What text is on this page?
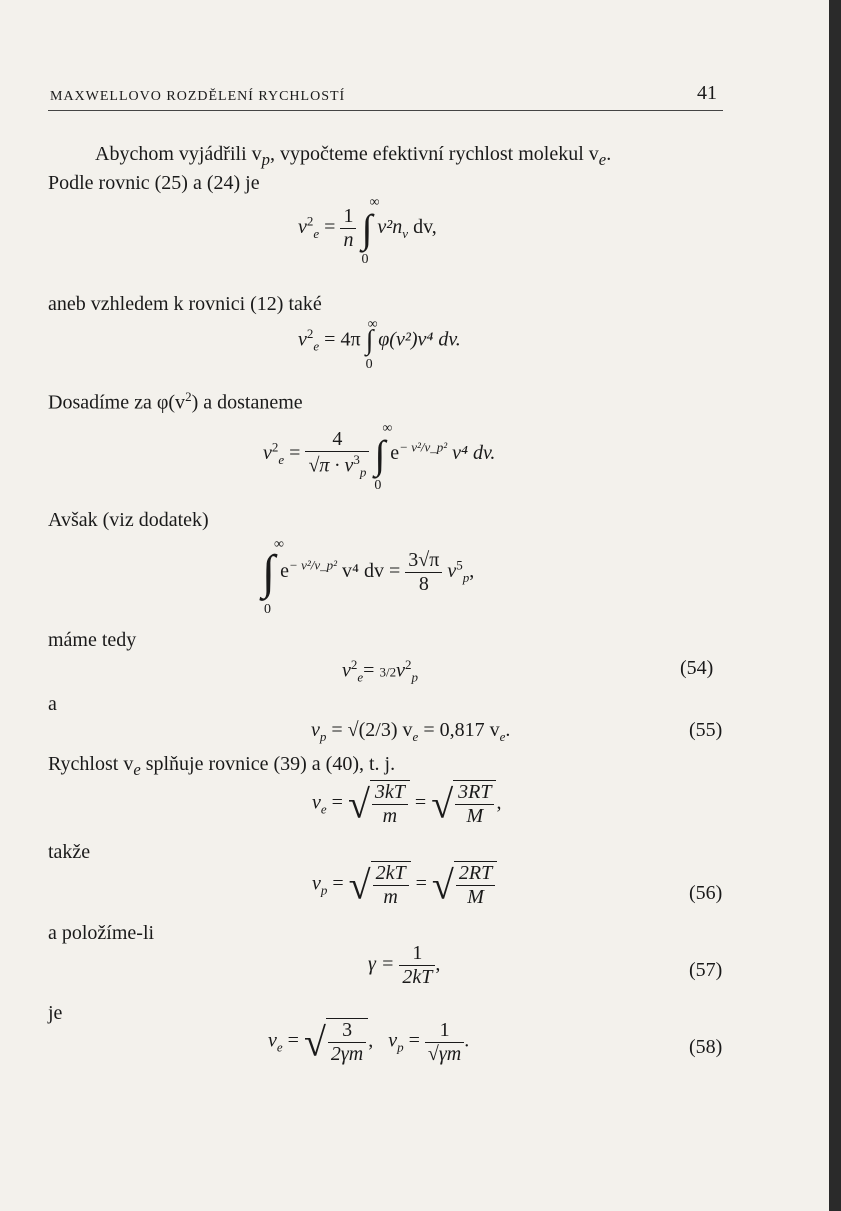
MAXWELLOVO ROZDĚLENÍ RYCHLOSTÍ	41
Abychom vyjádřili $v_p$, vypočteme efektivní rychlost molekul $v_e$.
Podle rovnic (25) a (24) je
$v^2_e = \frac{1}{n}$ ∫
∞
0
$v^2n_v$ dv,
aneb vzhledem k rovnici (12) také
$v^2_e = 4\pi$ ∫
∞
0
φ(v²)v⁴ dv.
Dosadíme za $\varphi(v^2)$ a dostaneme
$v^2_e = \frac{4}{√\pi \cdot v^3_p}$ ∫
∞
0
$e^{- v^2/v\_p^2}$ v⁴ dv.
Avšak (viz dodatek)
∫
∞
0
$e^{- v^2/v\_p^2}$ v⁴ dv = $\frac{3√\pi}{8} v^5_p$,
máme tedy
$v^2_e= 3/2v^2_p$	(54)
a
$v_p = √(2/3) v_e = 0,817$ $v_e$.	(55)
Rychlost $v_e$ splňuje rovnice (39) a (40), t. j.
$v_e$ = √ $\frac{3kT}{m}$ = √ $\frac{3RT}{M}$ ,
takže
$v_p$ = √ $\frac{2kT}{m}$ = √ $\frac{2RT}{M}$	(56)
a položíme-li
$\gamma = \frac{1}{2kT}$ ,	(57)
je
$v_e$ = √ $\frac{3}{2\gamma m}$ ,   $v_p = \frac{1}{√\gamma m}$ .	(58)
